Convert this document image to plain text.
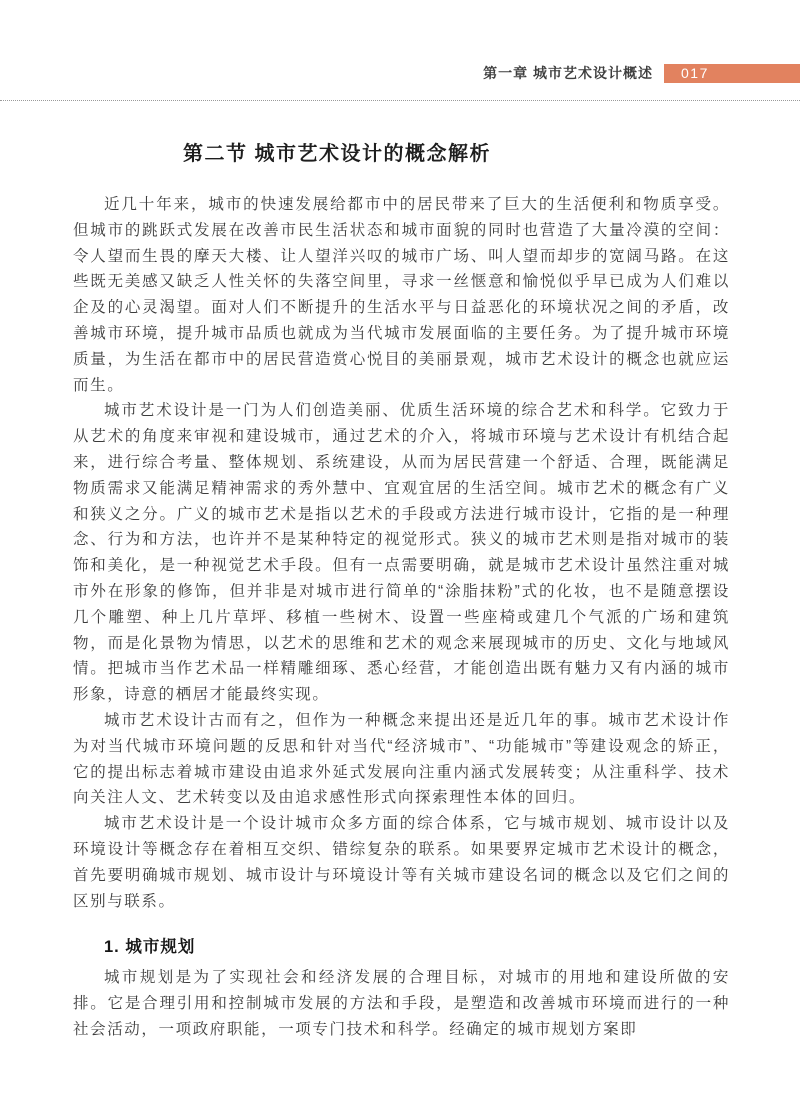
第一章 城市艺术设计概述 017
第二节 城市艺术设计的概念解析

近几十年来，城市的快速发展给都市中的居民带来了巨大的生活便利和物质享受。但城市的跳跃式发展在改善市民生活状态和城市面貌的同时也营造了大量冷漠的空间：令人望而生畏的摩天大楼、让人望洋兴叹的城市广场、叫人望而却步的宽阔马路。在这些既无美感又缺乏人性关怀的失落空间里，寻求一丝惬意和愉悦似乎早已成为人们难以企及的心灵渴望。面对人们不断提升的生活水平与日益恶化的环境状况之间的矛盾，改善城市环境，提升城市品质也就成为当代城市发展面临的主要任务。为了提升城市环境质量，为生活在都市中的居民营造赏心悦目的美丽景观，城市艺术设计的概念也就应运而生。

城市艺术设计是一门为人们创造美丽、优质生活环境的综合艺术和科学。它致力于从艺术的角度来审视和建设城市，通过艺术的介入，将城市环境与艺术设计有机结合起来，进行综合考量、整体规划、系统建设，从而为居民营建一个舒适、合理，既能满足物质需求又能满足精神需求的秀外慧中、宜观宜居的生活空间。城市艺术的概念有广义和狭义之分。广义的城市艺术是指以艺术的手段或方法进行城市设计，它指的是一种理念、行为和方法，也许并不是某种特定的视觉形式。狭义的城市艺术则是指对城市的装饰和美化，是一种视觉艺术手段。但有一点需要明确，就是城市艺术设计虽然注重对城市外在形象的修饰，但并非是对城市进行简单的“涂脂抹粉”式的化妆，也不是随意摆设几个雕塑、种上几片草坪、移植一些树木、设置一些座椅或建几个气派的广场和建筑物，而是化景物为情思，以艺术的思维和艺术的观念来展现城市的历史、文化与地域风情。把城市当作艺术品一样精雕细琢、悉心经营，才能创造出既有魅力又有内涵的城市形象，诗意的栖居才能最终实现。

城市艺术设计古而有之，但作为一种概念来提出还是近几年的事。城市艺术设计作为对当代城市环境问题的反思和针对当代“经济城市”、“功能城市”等建设观念的矫正，它的提出标志着城市建设由追求外延式发展向注重内涵式发展转变；从注重科学、技术向关注人文、艺术转变以及由追求感性形式向探索理性本体的回归。

城市艺术设计是一个设计城市众多方面的综合体系，它与城市规划、城市设计以及环境设计等概念存在着相互交织、错综复杂的联系。如果要界定城市艺术设计的概念，首先要明确城市规划、城市设计与环境设计等有关城市建设名词的概念以及它们之间的区别与联系。

1. 城市规划

城市规划是为了实现社会和经济发展的合理目标，对城市的用地和建设所做的安排。它是合理引用和控制城市发展的方法和手段，是塑造和改善城市环境而进行的一种社会活动，一项政府职能，一项专门技术和科学。经确定的城市规划方案即
